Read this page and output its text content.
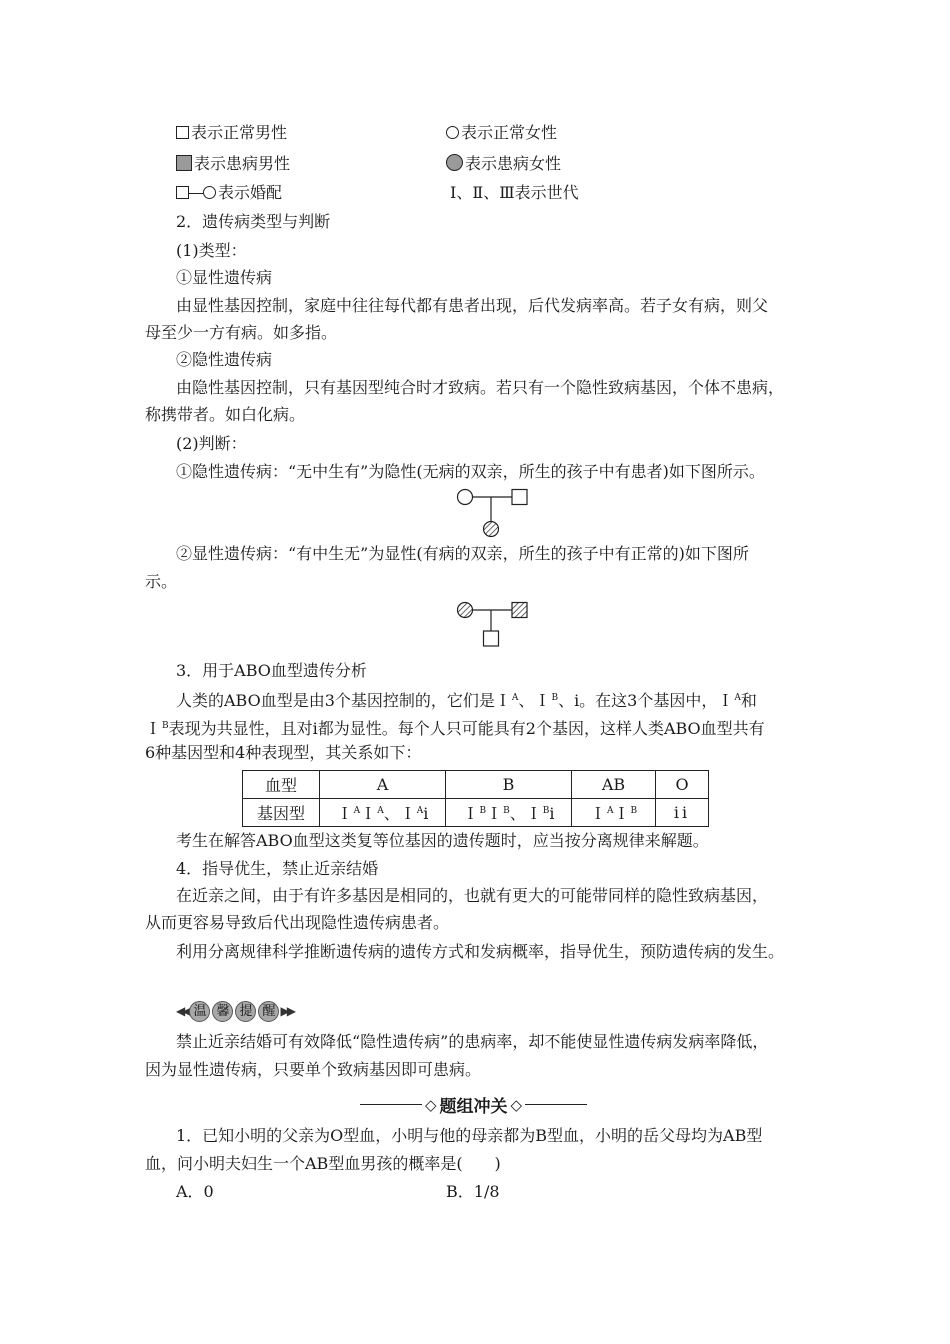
表示正常男性	表示正常女性
表示患病男性	表示患病女性
表示婚配	Ⅰ、Ⅱ、Ⅲ表示世代
2．遗传病类型与判断
(1)类型：
①显性遗传病
由显性基因控制，家庭中往往每代都有患者出现，后代发病率高。若子女有病，则父
母至少一方有病。如多指。
②隐性遗传病
由隐性基因控制，只有基因型纯合时才致病。若只有一个隐性致病基因，个体不患病，
称携带者。如白化病。
(2)判断：
①隐性遗传病：“无中生有”为隐性(无病的双亲，所生的孩子中有患者)如下图所示。
②显性遗传病：“有中生无”为显性(有病的双亲，所生的孩子中有正常的)如下图所
示。
3．用于ABO血型遗传分析
人类的ABO血型是由3个基因控制的，它们是Ｉ$^A$、Ｉ$^B$、i。在这3个基因中，Ｉ$^A$和
Ｉ$^B$表现为共显性，且对i都为显性。每个人只可能具有2个基因，这样人类ABO血型共有
6种基因型和4种表现型，其关系如下：
血型	A	B	AB	O
基因型	Ｉ$^A$Ｉ$^A$、Ｉ$^A$i	Ｉ$^B$Ｉ$^B$、Ｉ$^B$i	Ｉ$^A$Ｉ$^B$	ii
考生在解答ABO血型这类复等位基因的遗传题时，应当按分离规律来解题。
4．指导优生，禁止近亲结婚
在近亲之间，由于有许多基因是相同的，也就有更大的可能带同样的隐性致病基因，
从而更容易导致后代出现隐性遗传病患者。
利用分离规律科学推断遗传病的遗传方式和发病概率，指导优生，预防遗传病的发生。
◀◀ 温 馨 提 醒 ▶▶
禁止近亲结婚可有效降低“隐性遗传病”的患病率，却不能使显性遗传病发病率降低，
因为显性遗传病，只要单个致病基因即可患病。
◇ 题组冲关 ◇
1．已知小明的父亲为O型血，小明与他的母亲都为B型血，小明的岳父母均为AB型
血，问小明夫妇生一个AB型血男孩的概率是(　　)
A．0	B．1/8
